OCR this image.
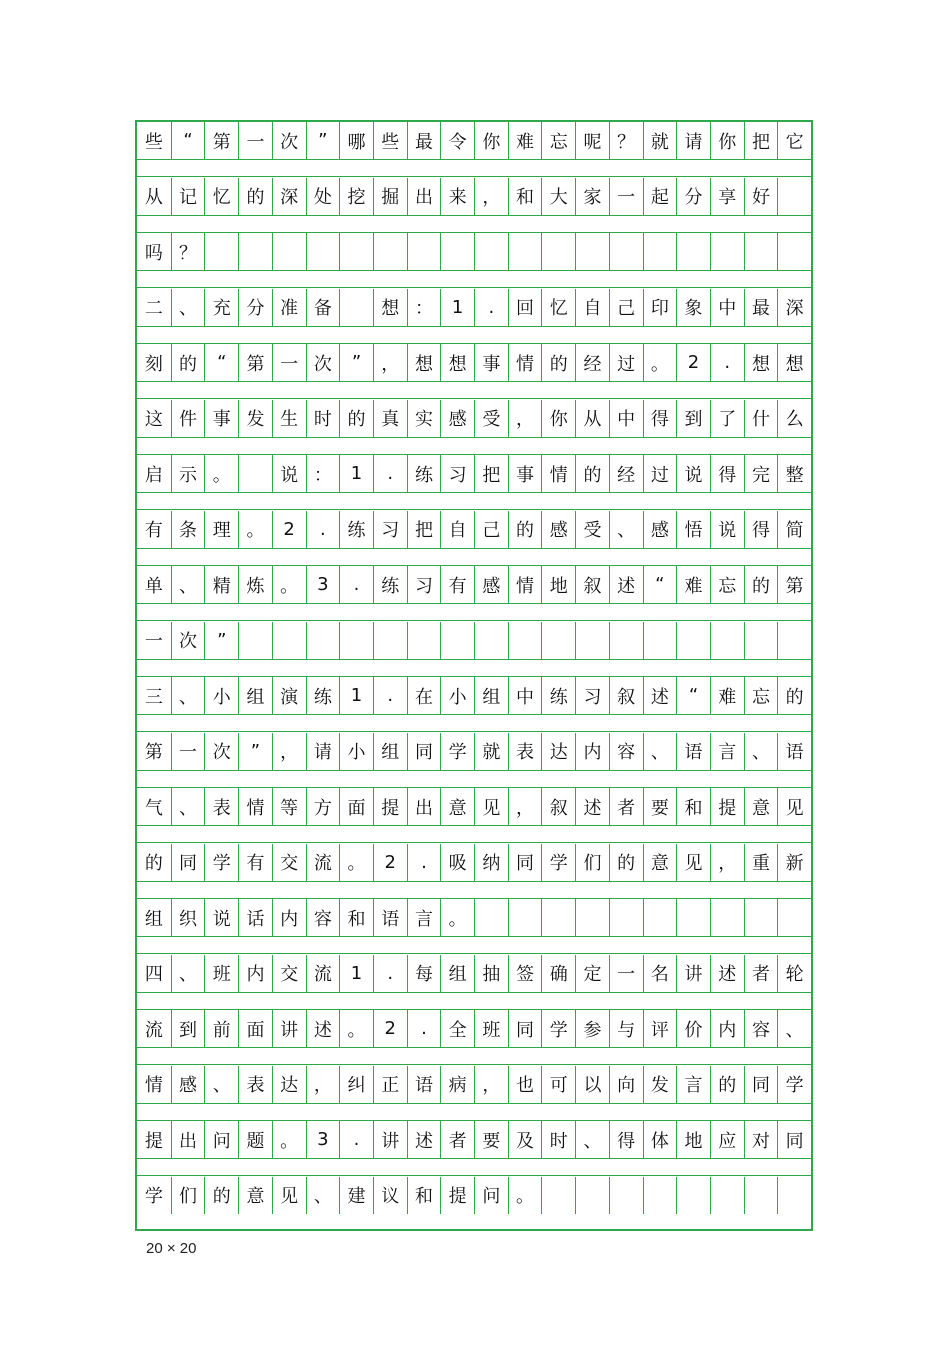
些	“	第 一 次	”	哪 些 最 令 你 难 忘 呢 ？ 就 请 你 把 它
从 记 忆 的 深 处 挖 掘 出 来 ， 和 大 家 一 起 分 享 好
吗 ？
二 、 充 分 准 备	想 ：	1	.	回 忆 自 己 印 象 中 最 深
刻 的	“	第 一 次	”	， 想 想 事 情 的 经 过 。	2	.	想 想
这 件 事 发 生 时 的 真 实 感 受 ， 你 从 中 得 到 了 什 么
启 示 。	说 ：	1	.	练 习 把 事 情 的 经 过 说 得 完 整
有 条 理 。	2	.	练 习 把 自 己 的 感 受 、 感 悟 说 得 简
单 、 精 炼 。	3	.	练 习 有 感 情 地 叙 述	“	难 忘 的 第
一 次	”
三 、 小 组 演 练	1	.	在 小 组 中 练 习 叙 述	“	难 忘 的
第 一 次	”	， 请 小 组 同 学 就 表 达 内 容 、 语 言 、 语
气 、 表 情 等 方 面 提 出 意 见 ， 叙 述 者 要 和 提 意 见
的 同 学 有 交 流 。	2	.	吸 纳 同 学 们 的 意 见 ， 重 新
组 织 说 话 内 容 和 语 言 。
四 、 班 内 交 流	1	.	每 组 抽 签 确 定 一 名 讲 述 者 轮
流 到 前 面 讲 述 。	2	.	全 班 同 学 参 与 评 价 内 容 、
情 感 、 表 达 ， 纠 正 语 病 ， 也 可 以 向 发 言 的 同 学
提 出 问 题 。	3	.	讲 述 者 要 及 时 、 得 体 地 应 对 同
学 们 的 意 见 、 建 议 和 提 问 。
20 × 20
